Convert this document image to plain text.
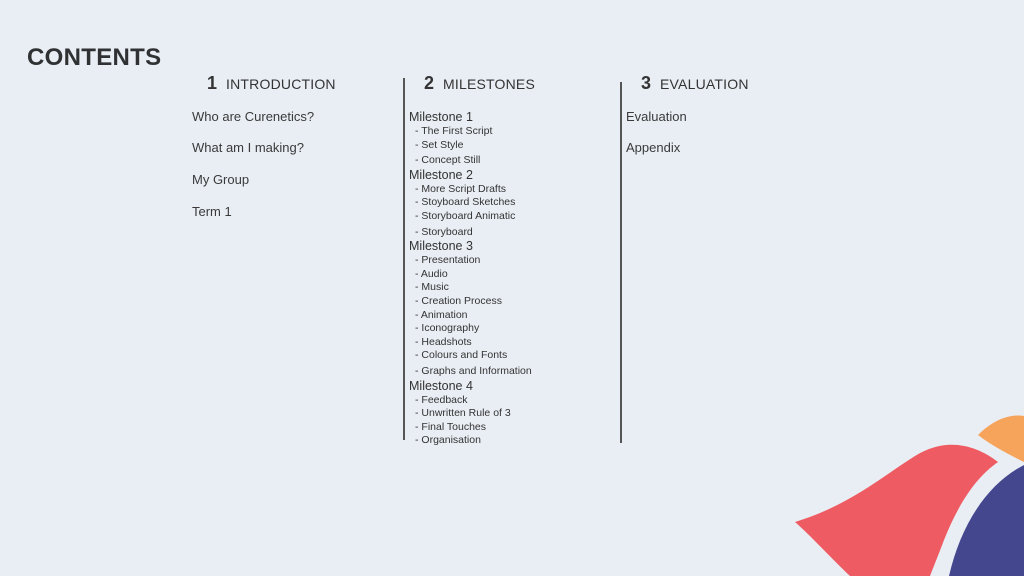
CONTENTS
1 INTRODUCTION
Who are Curenetics?
What am I making?
My Group
Term 1
2 MILESTONES
Milestone 1
- The First Script
- Set Style
- Concept Still
Milestone 2
- More Script Drafts
- Stoyboard Sketches
- Storyboard Animatic
- Storyboard
Milestone 3
- Presentation
- Audio
- Music
- Creation Process
- Animation
- Iconography
- Headshots
- Colours and Fonts
- Graphs and Information
Milestone 4
- Feedback
- Unwritten Rule of 3
- Final Touches
- Organisation
3 EVALUATION
Evaluation
Appendix
